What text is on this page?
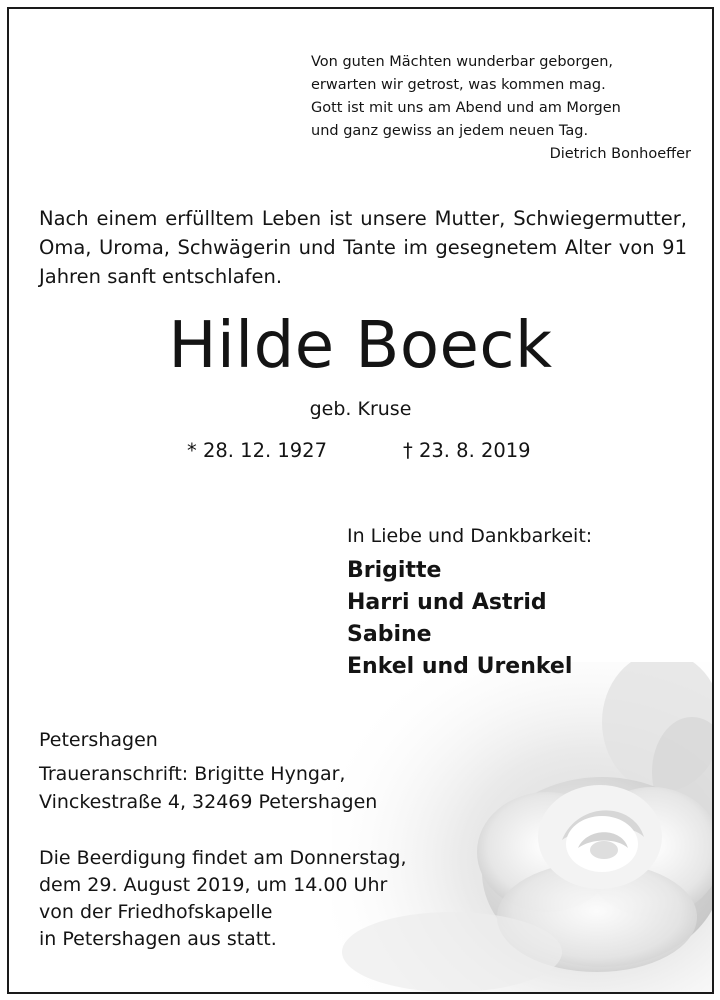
Von guten Mächten wunderbar geborgen,
erwarten wir getrost, was kommen mag.
Gott ist mit uns am Abend und am Morgen
und ganz gewiss an jedem neuen Tag.
Dietrich Bonhoeffer
Nach einem erfülltem Leben ist unsere Mutter, Schwiegermutter, Oma, Uroma, Schwägerin und Tante im gesegnetem Alter von 91 Jahren sanft entschlafen.
Hilde Boeck
geb. Kruse
* 28. 12. 1927	† 23. 8. 2019
In Liebe und Dankbarkeit:
Brigitte
Harri und Astrid
Sabine
Enkel und Urenkel
Petershagen
Traueranschrift: Brigitte Hyngar,
Vinckestraße 4, 32469 Petershagen
Die Beerdigung findet am Donnerstag,
dem 29. August 2019, um 14.00 Uhr
von der Friedhofskapelle
in Petershagen aus statt.
